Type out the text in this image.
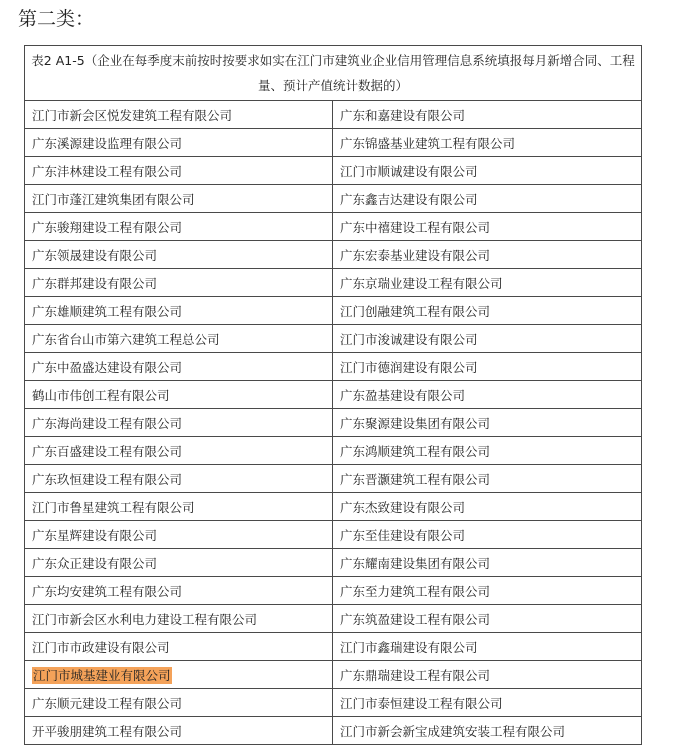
第二类：
表2 A1-5（企业在每季度末前按时按要求如实在江门市建筑业企业信用管理信息系统填报每月新增合同、工程量、预计产值统计数据的）	
江门市新会区悦发建筑工程有限公司	广东和嘉建设有限公司
广东溪源建设监理有限公司	广东锦盛基业建筑工程有限公司
广东沣林建设工程有限公司	江门市顺诚建设有限公司
江门市蓬江建筑集团有限公司	广东鑫吉达建设有限公司
广东骏翔建设工程有限公司	广东中禧建设工程有限公司
广东领晟建设有限公司	广东宏泰基业建设有限公司
广东群邦建设有限公司	广东京瑞业建设工程有限公司
广东雄顺建筑工程有限公司	江门创融建筑工程有限公司
广东省台山市第六建筑工程总公司	江门市浚诚建设有限公司
广东中盈盛达建设有限公司	江门市德润建设有限公司
鹤山市伟创工程有限公司	广东盈基建设有限公司
广东海尚建设工程有限公司	广东聚源建设集团有限公司
广东百盛建设工程有限公司	广东鸿顺建筑工程有限公司
广东玖恒建设工程有限公司	广东晋灏建筑工程有限公司
江门市鲁星建筑工程有限公司	广东杰致建设有限公司
广东星辉建设有限公司	广东至佳建设有限公司
广东众正建设有限公司	广东耀南建设集团有限公司
广东均安建筑工程有限公司	广东至力建筑工程有限公司
江门市新会区水利电力建设工程有限公司	广东筑盈建设工程有限公司
江门市市政建设有限公司	江门市鑫瑞建设有限公司
江门市城基建业有限公司	广东鼎瑞建设工程有限公司
广东顺元建设工程有限公司	江门市泰恒建设工程有限公司
开平骏朋建筑工程有限公司	江门市新会新宝成建筑安装工程有限公司
